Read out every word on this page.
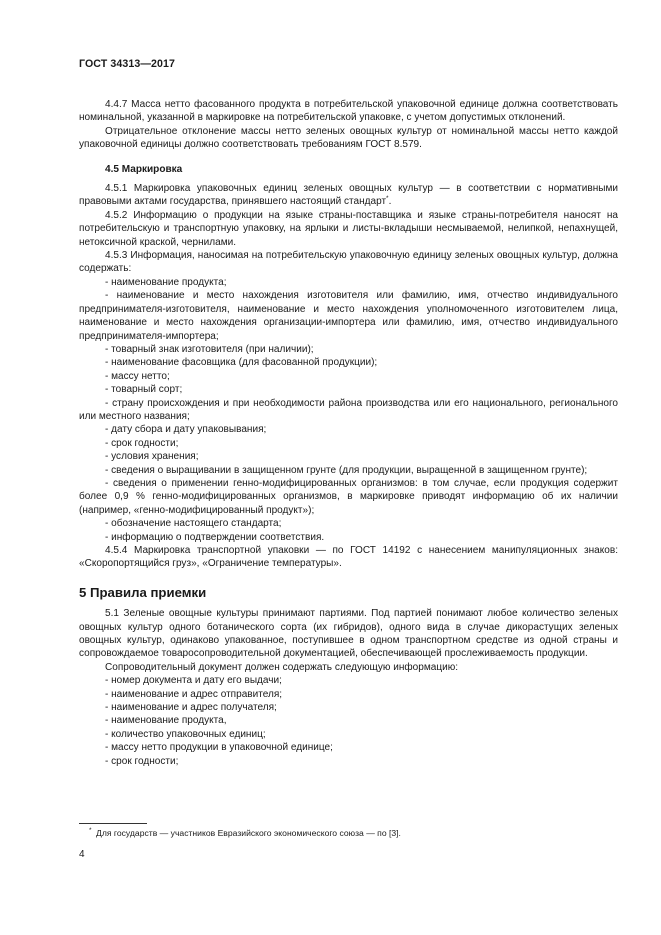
ГОСТ 34313—2017

4.4.7 Масса нетто фасованного продукта в потребительской упаковочной единице должна соответствовать номинальной, указанной в маркировке на потребительской упаковке, с учетом допустимых отклонений.

Отрицательное отклонение массы нетто зеленых овощных культур от номинальной массы нетто каждой упаковочной единицы должно соответствовать требованиям ГОСТ 8.579.

4.5 Маркировка

4.5.1 Маркировка упаковочных единиц зеленых овощных культур — в соответствии с нормативными правовыми актами государства, принявшего настоящий стандарт*.

4.5.2 Информацию о продукции на языке страны-поставщика и языке страны-потребителя наносят на потребительскую и транспортную упаковку, на ярлыки и листы-вкладыши несмываемой, нелипкой, непахнущей, нетоксичной краской, чернилами.

4.5.3 Информация, наносимая на потребительскую упаковочную единицу зеленых овощных культур, должна содержать:

- наименование продукта;

- наименование и место нахождения изготовителя или фамилию, имя, отчество индивидуального предпринимателя-изготовителя, наименование и место нахождения уполномоченного изготовителем лица, наименование и место нахождения организации-импортера или фамилию, имя, отчество индивидуального предпринимателя-импортера;

- товарный знак изготовителя (при наличии);

- наименование фасовщика (для фасованной продукции);

- массу нетто;

- товарный сорт;

- страну происхождения и при необходимости района производства или его национального, регионального или местного названия;

- дату сбора и дату упаковывания;

- срок годности;

- условия хранения;

- сведения о выращивании в защищенном грунте (для продукции, выращенной в защищенном грунте);

- сведения о применении генно-модифицированных организмов: в том случае, если продукция содержит более 0,9 % генно-модифицированных организмов, в маркировке приводят информацию об их наличии (например, «генно-модифицированный продукт»);

- обозначение настоящего стандарта;

- информацию о подтверждении соответствия.

4.5.4 Маркировка транспортной упаковки — по ГОСТ 14192 с нанесением манипуляционных знаков: «Скоропортящийся груз», «Ограничение температуры».

5 Правила приемки

5.1 Зеленые овощные культуры принимают партиями. Под партией понимают любое количество зеленых овощных культур одного ботанического сорта (их гибридов), одного вида в случае дикорастущих зеленых овощных культур, одинаково упакованное, поступившее в одном транспортном средстве из одной страны и сопровождаемое товаросопроводительной документацией, обеспечивающей прослеживаемость продукции.

Сопроводительный документ должен содержать следующую информацию:

- номер документа и дату его выдачи;

- наименование и адрес отправителя;

- наименование и адрес получателя;

- наименование продукта,

- количество упаковочных единиц;

- массу нетто продукции в упаковочной единице;

- срок годности;

* Для государств — участников Евразийского экономического союза — по [3].
4
